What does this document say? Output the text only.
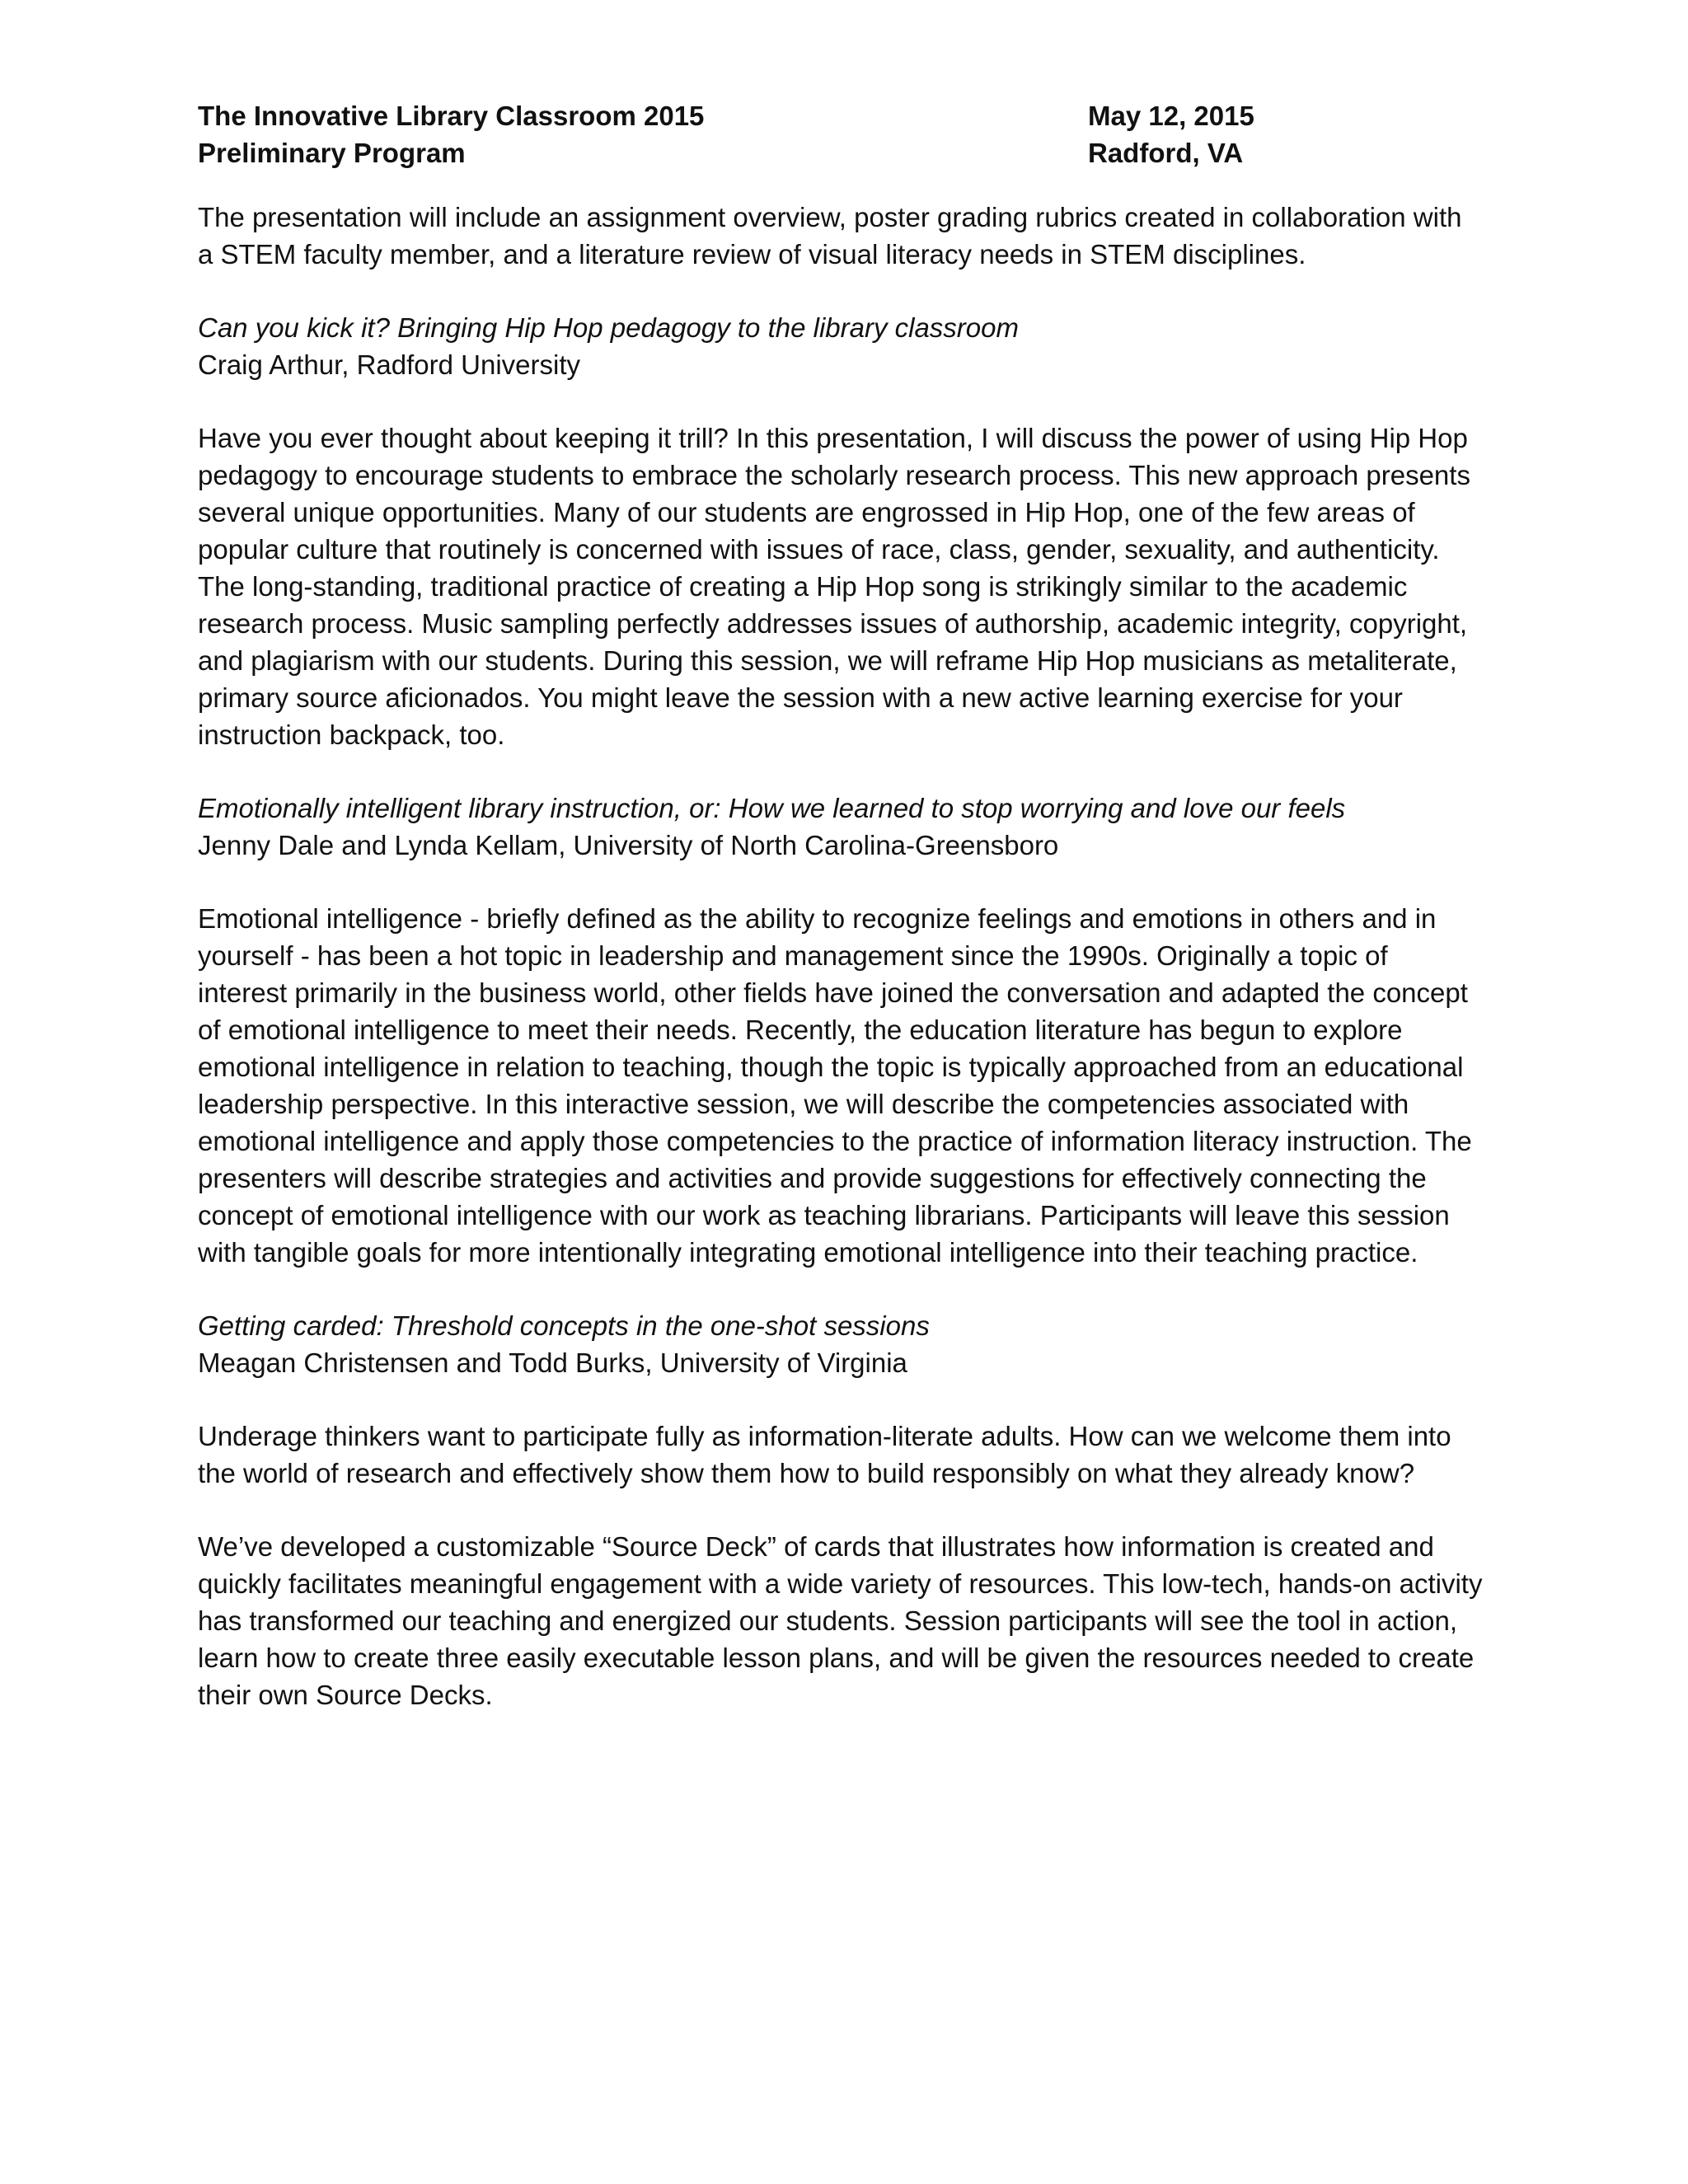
The Innovative Library Classroom 2015
Preliminary Program
May 12, 2015
Radford, VA

The presentation will include an assignment overview, poster grading rubrics created in collaboration with a STEM faculty member, and a literature review of visual literacy needs in STEM disciplines.

Can you kick it? Bringing Hip Hop pedagogy to the library classroom

Craig Arthur, Radford University

Have you ever thought about keeping it trill? In this presentation, I will discuss the power of using Hip Hop pedagogy to encourage students to embrace the scholarly research process. This new approach presents several unique opportunities. Many of our students are engrossed in Hip Hop, one of the few areas of popular culture that routinely is concerned with issues of race, class, gender, sexuality, and authenticity. The long-standing, traditional practice of creating a Hip Hop song is strikingly similar to the academic research process. Music sampling perfectly addresses issues of authorship, academic integrity, copyright, and plagiarism with our students. During this session, we will reframe Hip Hop musicians as metaliterate, primary source aficionados. You might leave the session with a new active learning exercise for your instruction backpack, too.

Emotionally intelligent library instruction, or: How we learned to stop worrying and love our feels

Jenny Dale and Lynda Kellam, University of North Carolina-Greensboro

Emotional intelligence - briefly defined as the ability to recognize feelings and emotions in others and in yourself - has been a hot topic in leadership and management since the 1990s. Originally a topic of interest primarily in the business world, other fields have joined the conversation and adapted the concept of emotional intelligence to meet their needs. Recently, the education literature has begun to explore emotional intelligence in relation to teaching, though the topic is typically approached from an educational leadership perspective. In this interactive session, we will describe the competencies associated with emotional intelligence and apply those competencies to the practice of information literacy instruction. The presenters will describe strategies and activities and provide suggestions for effectively connecting the concept of emotional intelligence with our work as teaching librarians. Participants will leave this session with tangible goals for more intentionally integrating emotional intelligence into their teaching practice.

Getting carded: Threshold concepts in the one-shot sessions

Meagan Christensen and Todd Burks, University of Virginia

Underage thinkers want to participate fully as information-literate adults. How can we welcome them into the world of research and effectively show them how to build responsibly on what they already know?

We’ve developed a customizable “Source Deck” of cards that illustrates how information is created and quickly facilitates meaningful engagement with a wide variety of resources. This low-tech, hands-on activity has transformed our teaching and energized our students. Session participants will see the tool in action, learn how to create three easily executable lesson plans, and will be given the resources needed to create their own Source Decks.
